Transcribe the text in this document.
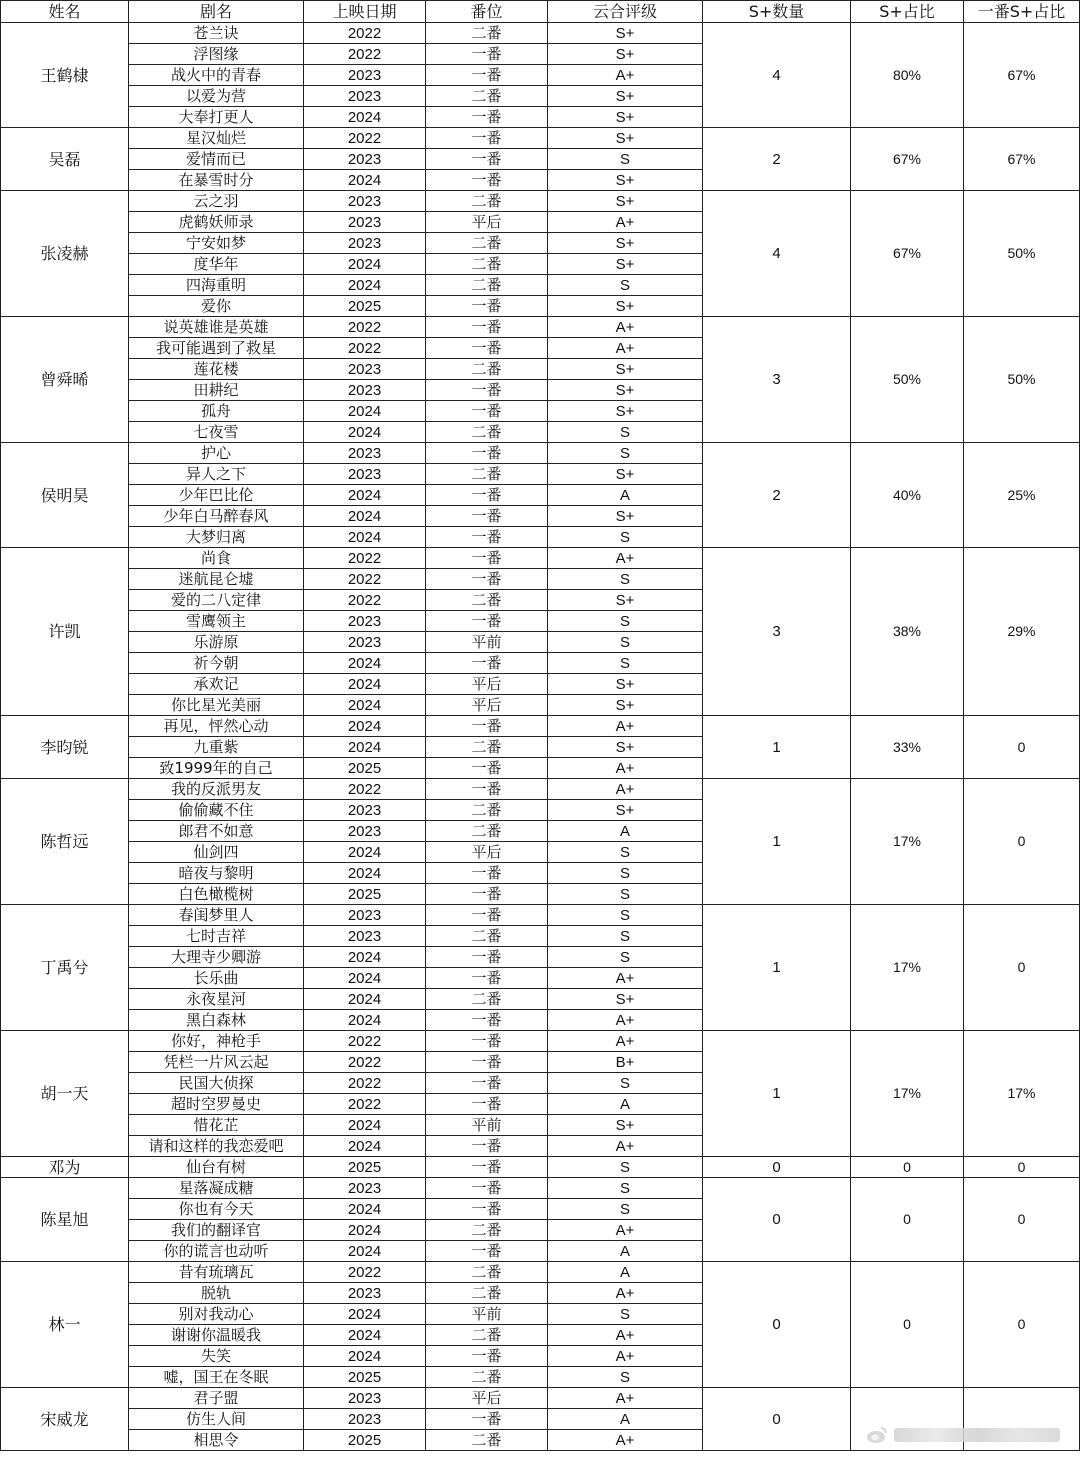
姓名	剧名	上映日期	番位	云合评级	S+数量	S+占比	一番S+占比
王鹤棣	苍兰诀	2022	二番	S+	4	80%	67%
	浮图缘	2022	一番	S+			
	战火中的青春	2023	一番	A+			
	以爱为营	2023	二番	S+			
	大奉打更人	2024	一番	S+			
吴磊	星汉灿烂	2022	一番	S+	2	67%	67%
	爱情而已	2023	一番	S			
	在暴雪时分	2024	一番	S+			
张凌赫	云之羽	2023	二番	S+	4	67%	50%
	虎鹤妖师录	2023	平后	A+			
	宁安如梦	2023	二番	S+			
	度华年	2024	二番	S+			
	四海重明	2024	二番	S			
	爱你	2025	一番	S+			
曾舜晞	说英雄谁是英雄	2022	一番	A+	3	50%	50%
	我可能遇到了救星	2022	一番	A+			
	莲花楼	2023	二番	S+			
	田耕纪	2023	一番	S+			
	孤舟	2024	一番	S+			
	七夜雪	2024	二番	S			
侯明昊	护心	2023	一番	S	2	40%	25%
	异人之下	2023	二番	S+			
	少年巴比伦	2024	一番	A			
	少年白马醉春风	2024	一番	S+			
	大梦归离	2024	一番	S			
许凯	尚食	2022	一番	A+	3	38%	29%
	迷航昆仑墟	2022	一番	S			
	爱的二八定律	2022	二番	S+			
	雪鹰领主	2023	一番	S			
	乐游原	2023	平前	S			
	祈今朝	2024	一番	S			
	承欢记	2024	平后	S+			
	你比星光美丽	2024	平后	S+			
李昀锐	再见，怦然心动	2024	一番	A+	1	33%	0
	九重紫	2024	二番	S+			
	致1999年的自己	2025	一番	A+			
陈哲远	我的反派男友	2022	一番	A+	1	17%	0
	偷偷藏不住	2023	二番	S+			
	郎君不如意	2023	二番	A			
	仙剑四	2024	平后	S			
	暗夜与黎明	2024	一番	S			
	白色橄榄树	2025	一番	S			
丁禹兮	春闺梦里人	2023	一番	S	1	17%	0
	七时吉祥	2023	二番	S			
	大理寺少卿游	2024	一番	S			
	长乐曲	2024	一番	A+			
	永夜星河	2024	二番	S+			
	黑白森林	2024	一番	A+			
胡一天	你好，神枪手	2022	一番	A+	1	17%	17%
	凭栏一片风云起	2022	一番	B+			
	民国大侦探	2022	一番	S			
	超时空罗曼史	2022	一番	A			
	惜花芷	2024	平前	S+			
	请和这样的我恋爱吧	2024	一番	A+			
邓为	仙台有树	2025	一番	S	0	0	0
陈星旭	星落凝成糖	2023	一番	S	0	0	0
	你也有今天	2024	一番	S			
	我们的翻译官	2024	二番	A+			
	你的谎言也动听	2024	一番	A			
林一	昔有琉璃瓦	2022	二番	A	0	0	0
	脱轨	2023	二番	A+			
	别对我动心	2024	平前	S			
	谢谢你温暖我	2024	二番	A+			
	失笑	2024	一番	A+			
	嘘，国王在冬眠	2025	二番	S			
宋威龙	君子盟	2023	平后	A+	0		
	仿生人间	2023	一番	A			
	相思令	2025	二番	A+			
